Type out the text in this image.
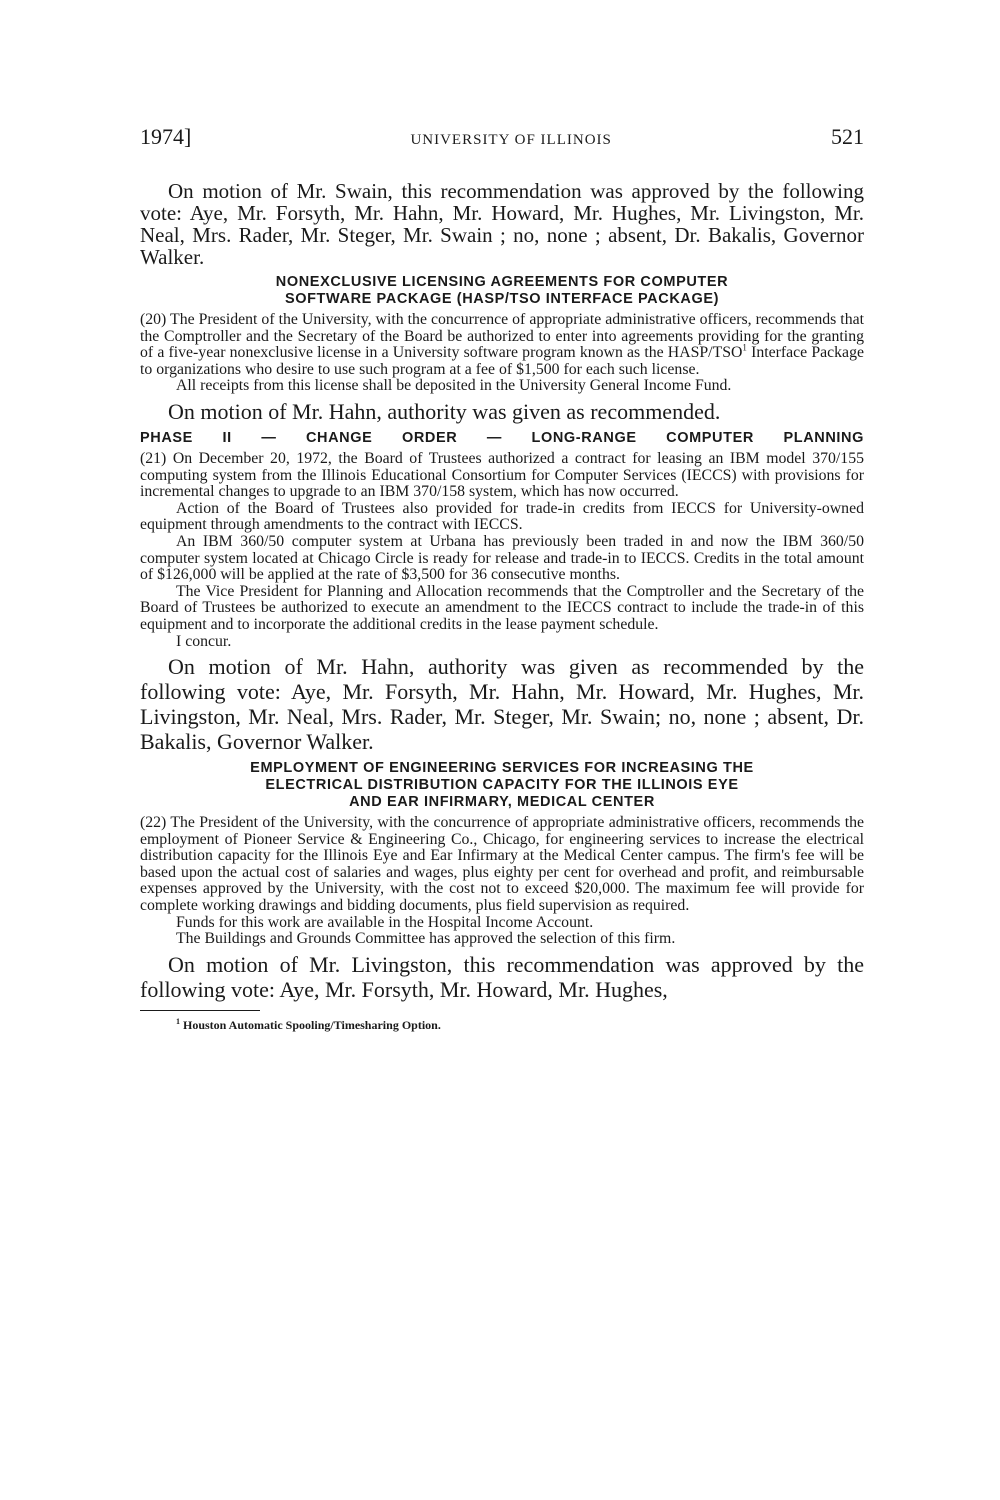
1974]	UNIVERSITY OF ILLINOIS	521

On motion of Mr. Swain, this recommendation was approved by the following vote: Aye, Mr. Forsyth, Mr. Hahn, Mr. Howard, Mr. Hughes, Mr. Livingston, Mr. Neal, Mrs. Rader, Mr. Steger, Mr. Swain ; no, none ; absent, Dr. Bakalis, Governor Walker.

NONEXCLUSIVE LICENSING AGREEMENTS FOR COMPUTER
SOFTWARE PACKAGE (HASP/TSO INTERFACE PACKAGE)

(20) The President of the University, with the concurrence of appropriate administrative officers, recommends that the Comptroller and the Secretary of the Board be authorized to enter into agreements providing for the granting of a five-year nonexclusive license in a University software program known as the HASP/TSO$^1$ Interface Package to organizations who desire to use such program at a fee of $1,500 for each such license.

All receipts from this license shall be deposited in the University General Income Fund.

On motion of Mr. Hahn, authority was given as recommended.

PHASE II — CHANGE ORDER — LONG-RANGE COMPUTER PLANNING

(21) On December 20, 1972, the Board of Trustees authorized a contract for leasing an IBM model 370/155 computing system from the Illinois Educational Consortium for Computer Services (IECCS) with provisions for incremental changes to upgrade to an IBM 370/158 system, which has now occurred.

Action of the Board of Trustees also provided for trade-in credits from IECCS for University-owned equipment through amendments to the contract with IECCS.

An IBM 360/50 computer system at Urbana has previously been traded in and now the IBM 360/50 computer system located at Chicago Circle is ready for release and trade-in to IECCS. Credits in the total amount of $126,000 will be applied at the rate of $3,500 for 36 consecutive months.

The Vice President for Planning and Allocation recommends that the Comptroller and the Secretary of the Board of Trustees be authorized to execute an amendment to the IECCS contract to include the trade-in of this equipment and to incorporate the additional credits in the lease payment schedule.

I concur.

On motion of Mr. Hahn, authority was given as recommended by the following vote: Aye, Mr. Forsyth, Mr. Hahn, Mr. Howard, Mr. Hughes, Mr. Livingston, Mr. Neal, Mrs. Rader, Mr. Steger, Mr. Swain; no, none ; absent, Dr. Bakalis, Governor Walker.

EMPLOYMENT OF ENGINEERING SERVICES FOR INCREASING THE
ELECTRICAL DISTRIBUTION CAPACITY FOR THE ILLINOIS EYE
AND EAR INFIRMARY, MEDICAL CENTER

(22) The President of the University, with the concurrence of appropriate administrative officers, recommends the employment of Pioneer Service & Engineering Co., Chicago, for engineering services to increase the electrical distribution capacity for the Illinois Eye and Ear Infirmary at the Medical Center campus. The firm's fee will be based upon the actual cost of salaries and wages, plus eighty per cent for overhead and profit, and reimbursable expenses approved by the University, with the cost not to exceed $20,000. The maximum fee will provide for complete working drawings and bidding documents, plus field supervision as required.

Funds for this work are available in the Hospital Income Account.

The Buildings and Grounds Committee has approved the selection of this firm.

On motion of Mr. Livingston, this recommendation was approved by the following vote: Aye, Mr. Forsyth, Mr. Howard, Mr. Hughes,

$^1$ Houston Automatic Spooling/Timesharing Option.
